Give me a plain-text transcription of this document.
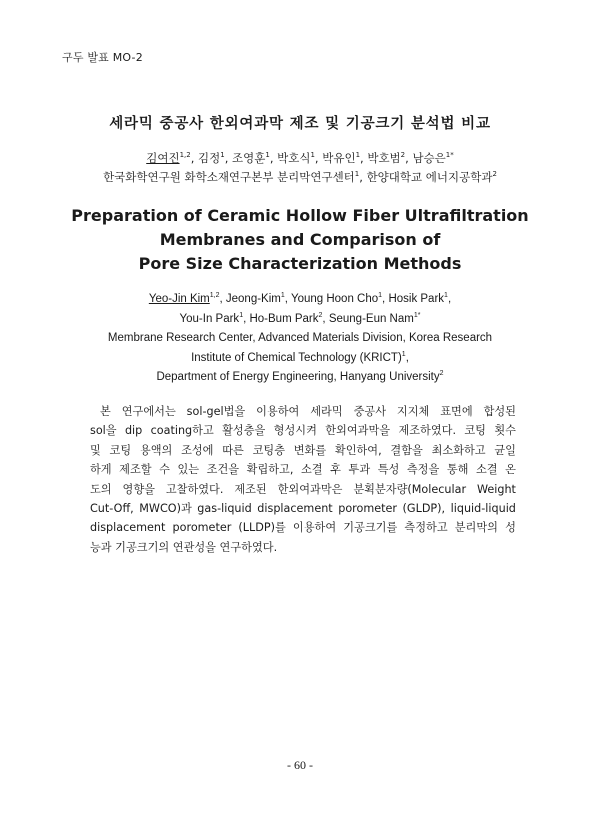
구두 발표 MO-2
세라믹 중공사 한외여과막 제조 및 기공크기 분석법 비교
김여진$^{1,2}$, 김정$^1$, 조영훈$^1$, 박호식$^1$, 박유인$^1$, 박호범$^2$, 남승은$^{1*}$
한국화학연구원 화학소재연구본부 분리막연구센터$^1$, 한양대학교 에너지공학과$^2$
Preparation of Ceramic Hollow Fiber Ultrafiltration
Membranes and Comparison of
Pore Size Characterization Methods
Yeo-Jin Kim$^{1,2}$, Jeong-Kim$^1$, Young Hoon Cho$^1$, Hosik Park$^1$,
You-In Park$^1$, Ho-Bum Park$^2$, Seung-Eun Nam$^{1*}$
Membrane Research Center, Advanced Materials Division, Korea Research
Institute of Chemical Technology (KRICT)$^1$,
Department of Energy Engineering, Hanyang University$^2$
본 연구에서는 sol-gel법을 이용하여 세라믹 중공사 지지체 표면에 합성된
sol을 dip coating하고 활성층을 형성시켜 한외여과막을 제조하였다. 코팅 횟수
및 코팅 용액의 조성에 따른 코팅층 변화를 확인하여, 결함을 최소화하고 균일
하게 제조할 수 있는 조건을 확립하고, 소결 후 투과 특성 측정을 통해 소결 온
도의 영향을 고찰하였다. 제조된 한외여과막은 분획분자량(Molecular Weight
Cut-Off, MWCO)과 gas-liquid displacement porometer (GLDP), liquid-liquid
displacement porometer (LLDP)를 이용하여 기공크기를 측정하고 분리막의 성
능과 기공크기의 연관성을 연구하였다.
- 60 -
